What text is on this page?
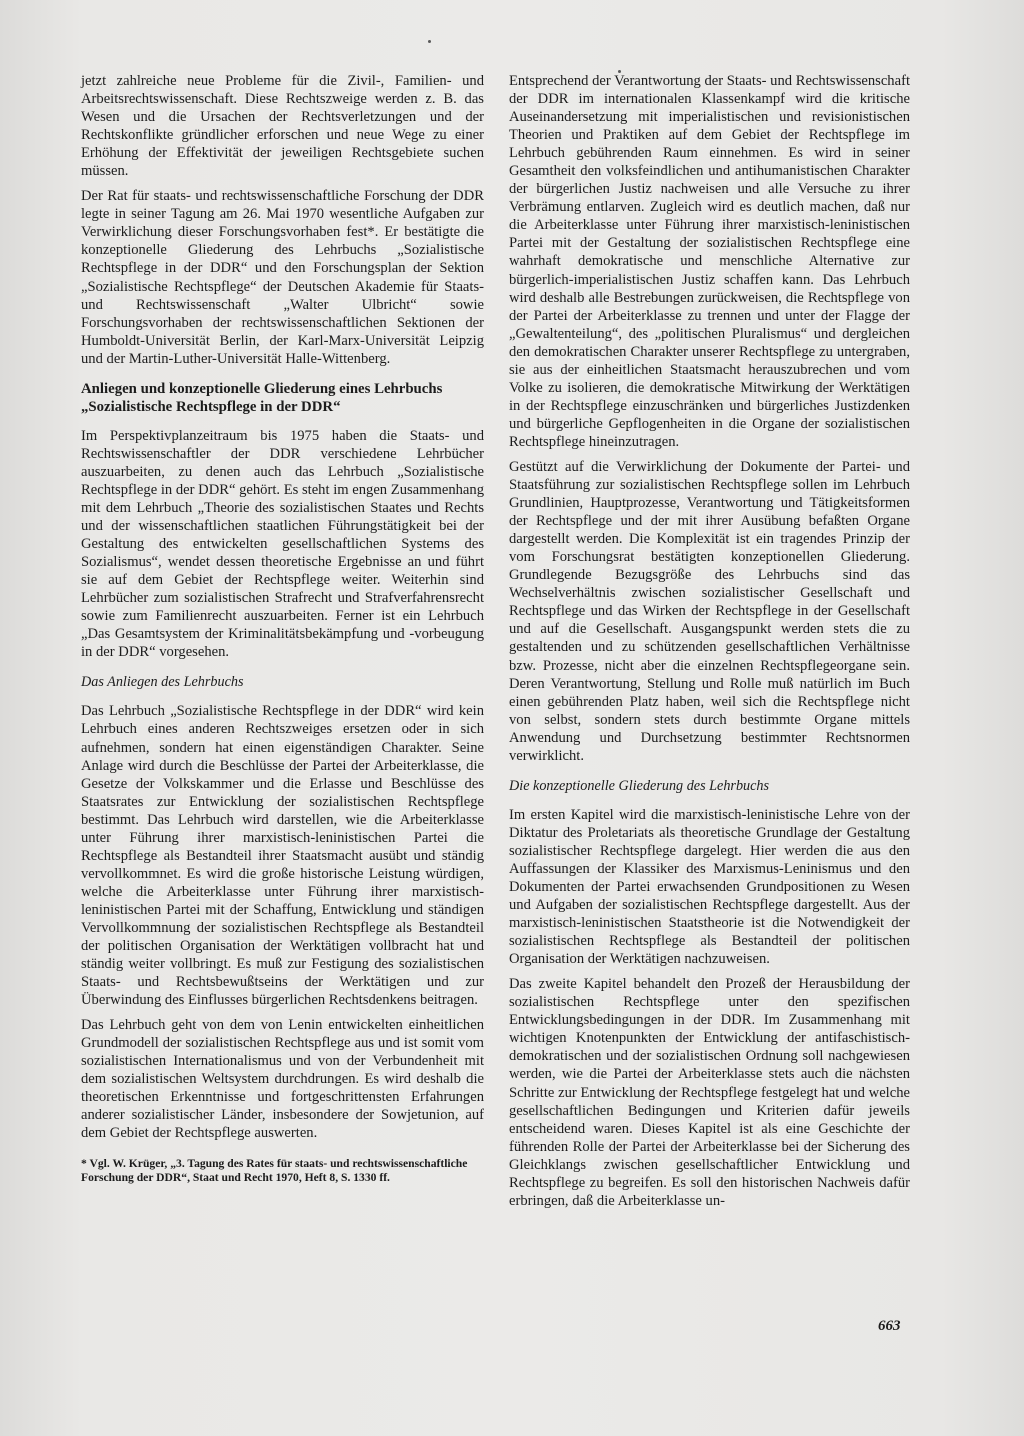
jetzt zahlreiche neue Probleme für die Zivil-, Familien- und Arbeitsrechtswissenschaft. Diese Rechtszweige werden z. B. das Wesen und die Ursachen der Rechtsverletzungen und der Rechtskonflikte gründlicher erforschen und neue Wege zu einer Erhöhung der Effektivität der jeweiligen Rechtsgebiete suchen müssen.

Der Rat für staats- und rechtswissenschaftliche Forschung der DDR legte in seiner Tagung am 26. Mai 1970 wesentliche Aufgaben zur Verwirklichung dieser Forschungsvorhaben fest*. Er bestätigte die konzeptionelle Gliederung des Lehrbuchs „Sozialistische Rechtspflege in der DDR“ und den Forschungsplan der Sektion „Sozialistische Rechtspflege“ der Deutschen Akademie für Staats- und Rechtswissenschaft „Walter Ulbricht“ sowie Forschungsvorhaben der rechtswissenschaftlichen Sektionen der Humboldt-Universität Berlin, der Karl-Marx-Universität Leipzig und der Martin-Luther-Universität Halle-Wittenberg.

Anliegen und konzeptionelle Gliederung eines Lehrbuchs „Sozialistische Rechtspflege in der DDR“

Im Perspektivplanzeitraum bis 1975 haben die Staats- und Rechtswissenschaftler der DDR verschiedene Lehrbücher auszuarbeiten, zu denen auch das Lehrbuch „Sozialistische Rechtspflege in der DDR“ gehört. Es steht im engen Zusammenhang mit dem Lehrbuch „Theorie des sozialistischen Staates und Rechts und der wissenschaftlichen staatlichen Führungstätigkeit bei der Gestaltung des entwickelten gesellschaftlichen Systems des Sozialismus“, wendet dessen theoretische Ergebnisse an und führt sie auf dem Gebiet der Rechtspflege weiter. Weiterhin sind Lehrbücher zum sozialistischen Strafrecht und Strafverfahrensrecht sowie zum Familienrecht auszuarbeiten. Ferner ist ein Lehrbuch „Das Gesamtsystem der Kriminalitätsbekämpfung und -vorbeugung in der DDR“ vorgesehen.

Das Anliegen des Lehrbuchs

Das Lehrbuch „Sozialistische Rechtspflege in der DDR“ wird kein Lehrbuch eines anderen Rechtszweiges ersetzen oder in sich aufnehmen, sondern hat einen eigenständigen Charakter. Seine Anlage wird durch die Beschlüsse der Partei der Arbeiterklasse, die Gesetze der Volkskammer und die Erlasse und Beschlüsse des Staatsrates zur Entwicklung der sozialistischen Rechtspflege bestimmt. Das Lehrbuch wird darstellen, wie die Arbeiterklasse unter Führung ihrer marxistisch-leninistischen Partei die Rechtspflege als Bestandteil ihrer Staatsmacht ausübt und ständig vervollkommnet. Es wird die große historische Leistung würdigen, welche die Arbeiterklasse unter Führung ihrer marxistisch-leninistischen Partei mit der Schaffung, Entwicklung und ständigen Vervollkommnung der sozialistischen Rechtspflege als Bestandteil der politischen Organisation der Werktätigen vollbracht hat und ständig weiter vollbringt. Es muß zur Festigung des sozialistischen Staats- und Rechtsbewußtseins der Werktätigen und zur Überwindung des Einflusses bürgerlichen Rechtsdenkens beitragen.

Das Lehrbuch geht von dem von Lenin entwickelten einheitlichen Grundmodell der sozialistischen Rechtspflege aus und ist somit vom sozialistischen Internationalismus und von der Verbundenheit mit dem sozialistischen Weltsystem durchdrungen. Es wird deshalb die theoretischen Erkenntnisse und fortgeschrittensten Erfahrungen anderer sozialistischer Länder, insbesondere der Sowjetunion, auf dem Gebiet der Rechtspflege auswerten.

* Vgl. W. Krüger, „3. Tagung des Rates für staats- und rechtswissenschaftliche Forschung der DDR“, Staat und Recht 1970, Heft 8, S. 1330 ff.

Entsprechend der Verantwortung der Staats- und Rechtswissenschaft der DDR im internationalen Klassenkampf wird die kritische Auseinandersetzung mit imperialistischen und revisionistischen Theorien und Praktiken auf dem Gebiet der Rechtspflege im Lehrbuch gebührenden Raum einnehmen. Es wird in seiner Gesamtheit den volksfeindlichen und antihumanistischen Charakter der bürgerlichen Justiz nachweisen und alle Versuche zu ihrer Verbrämung entlarven. Zugleich wird es deutlich machen, daß nur die Arbeiterklasse unter Führung ihrer marxistisch-leninistischen Partei mit der Gestaltung der sozialistischen Rechtspflege eine wahrhaft demokratische und menschliche Alternative zur bürgerlich-imperialistischen Justiz schaffen kann. Das Lehrbuch wird deshalb alle Bestrebungen zurückweisen, die Rechtspflege von der Partei der Arbeiterklasse zu trennen und unter der Flagge der „Gewaltenteilung“, des „politischen Pluralismus“ und dergleichen den demokratischen Charakter unserer Rechtspflege zu untergraben, sie aus der einheitlichen Staatsmacht herauszubrechen und vom Volke zu isolieren, die demokratische Mitwirkung der Werktätigen in der Rechtspflege einzuschränken und bürgerliches Justizdenken und bürgerliche Gepflogenheiten in die Organe der sozialistischen Rechtspflege hineinzutragen.

Gestützt auf die Verwirklichung der Dokumente der Partei- und Staatsführung zur sozialistischen Rechtspflege sollen im Lehrbuch Grundlinien, Hauptprozesse, Verantwortung und Tätigkeitsformen der Rechtspflege und der mit ihrer Ausübung befaßten Organe dargestellt werden. Die Komplexität ist ein tragendes Prinzip der vom Forschungsrat bestätigten konzeptionellen Gliederung. Grundlegende Bezugsgröße des Lehrbuchs sind das Wechselverhältnis zwischen sozialistischer Gesellschaft und Rechtspflege und das Wirken der Rechtspflege in der Gesellschaft und auf die Gesellschaft. Ausgangspunkt werden stets die zu gestaltenden und zu schützenden gesellschaftlichen Verhältnisse bzw. Prozesse, nicht aber die einzelnen Rechtspflegeorgane sein. Deren Verantwortung, Stellung und Rolle muß natürlich im Buch einen gebührenden Platz haben, weil sich die Rechtspflege nicht von selbst, sondern stets durch bestimmte Organe mittels Anwendung und Durchsetzung bestimmter Rechtsnormen verwirklicht.

Die konzeptionelle Gliederung des Lehrbuchs

Im ersten Kapitel wird die marxistisch-leninistische Lehre von der Diktatur des Proletariats als theoretische Grundlage der Gestaltung sozialistischer Rechtspflege dargelegt. Hier werden die aus den Auffassungen der Klassiker des Marxismus-Leninismus und den Dokumenten der Partei erwachsenden Grundpositionen zu Wesen und Aufgaben der sozialistischen Rechtspflege dargestellt. Aus der marxistisch-leninistischen Staatstheorie ist die Notwendigkeit der sozialistischen Rechtspflege als Bestandteil der politischen Organisation der Werktätigen nachzuweisen.

Das zweite Kapitel behandelt den Prozeß der Herausbildung der sozialistischen Rechtspflege unter den spezifischen Entwicklungsbedingungen in der DDR. Im Zusammenhang mit wichtigen Knotenpunkten der Entwicklung der antifaschistisch-demokratischen und der sozialistischen Ordnung soll nachgewiesen werden, wie die Partei der Arbeiterklasse stets auch die nächsten Schritte zur Entwicklung der Rechtspflege festgelegt hat und welche gesellschaftlichen Bedingungen und Kriterien dafür jeweils entscheidend waren. Dieses Kapitel ist als eine Geschichte der führenden Rolle der Partei der Arbeiterklasse bei der Sicherung des Gleichklangs zwischen gesellschaftlicher Entwicklung und Rechtspflege zu begreifen. Es soll den historischen Nachweis dafür erbringen, daß die Arbeiterklasse un-

663
